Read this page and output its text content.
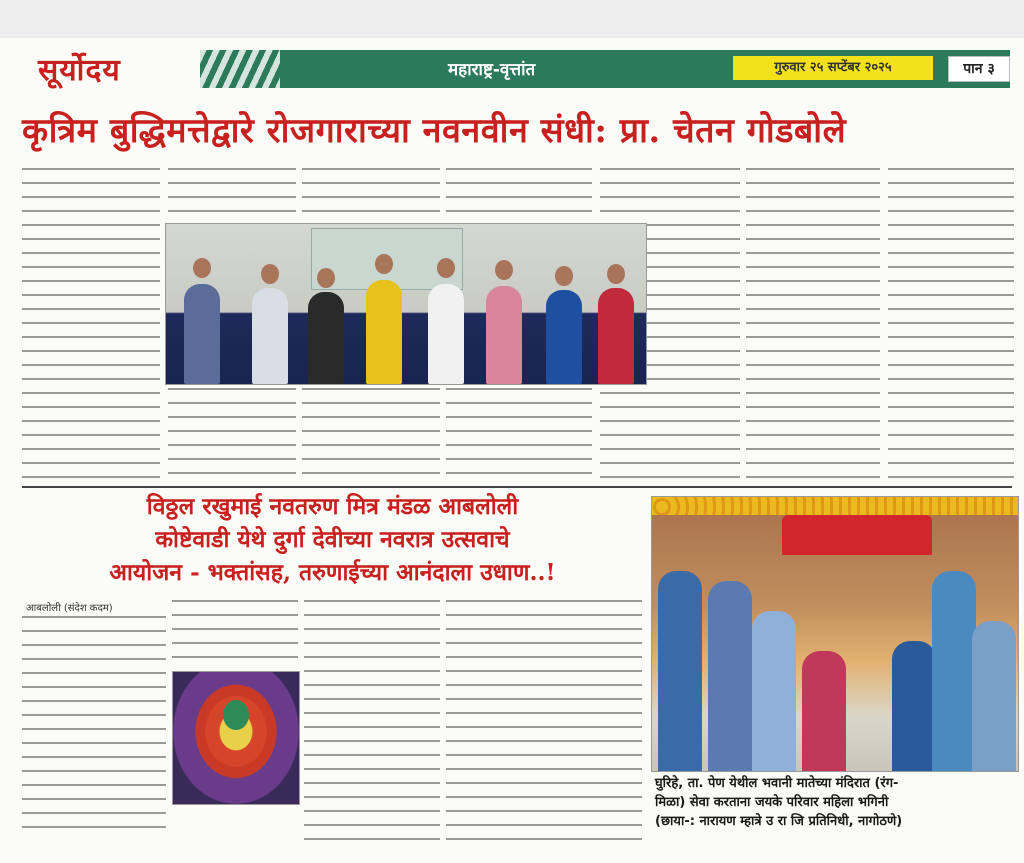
सूर्योदय	महाराष्ट्र-वृत्तांत	गुरुवार २५ सप्टेंबर २०२५	पान ३
कृत्रिम बुद्धिमत्तेद्वारे रोजगाराच्या नवनवीन संधी: प्रा. चेतन गोडबोले
विठ्ठल रखुमाई नवतरुण मित्र मंडळ आबलोली
कोष्टेवाडी येथे दुर्गा देवीच्या नवरात्र उत्सवाचे
आयोजन - भक्तांसह, तरुणाईच्या आनंदाला उधाण..!
आबलोली (संदेश कदम)
घुरिहे, ता. पेण येथील भवानी मातेच्या मंदिरात (रंग-
मिळा) सेवा करताना जयके परिवार महिला भगिनी
(छाया-: नारायण म्हात्रे उ रा जि प्रतिनिधी, नागोठणे)
